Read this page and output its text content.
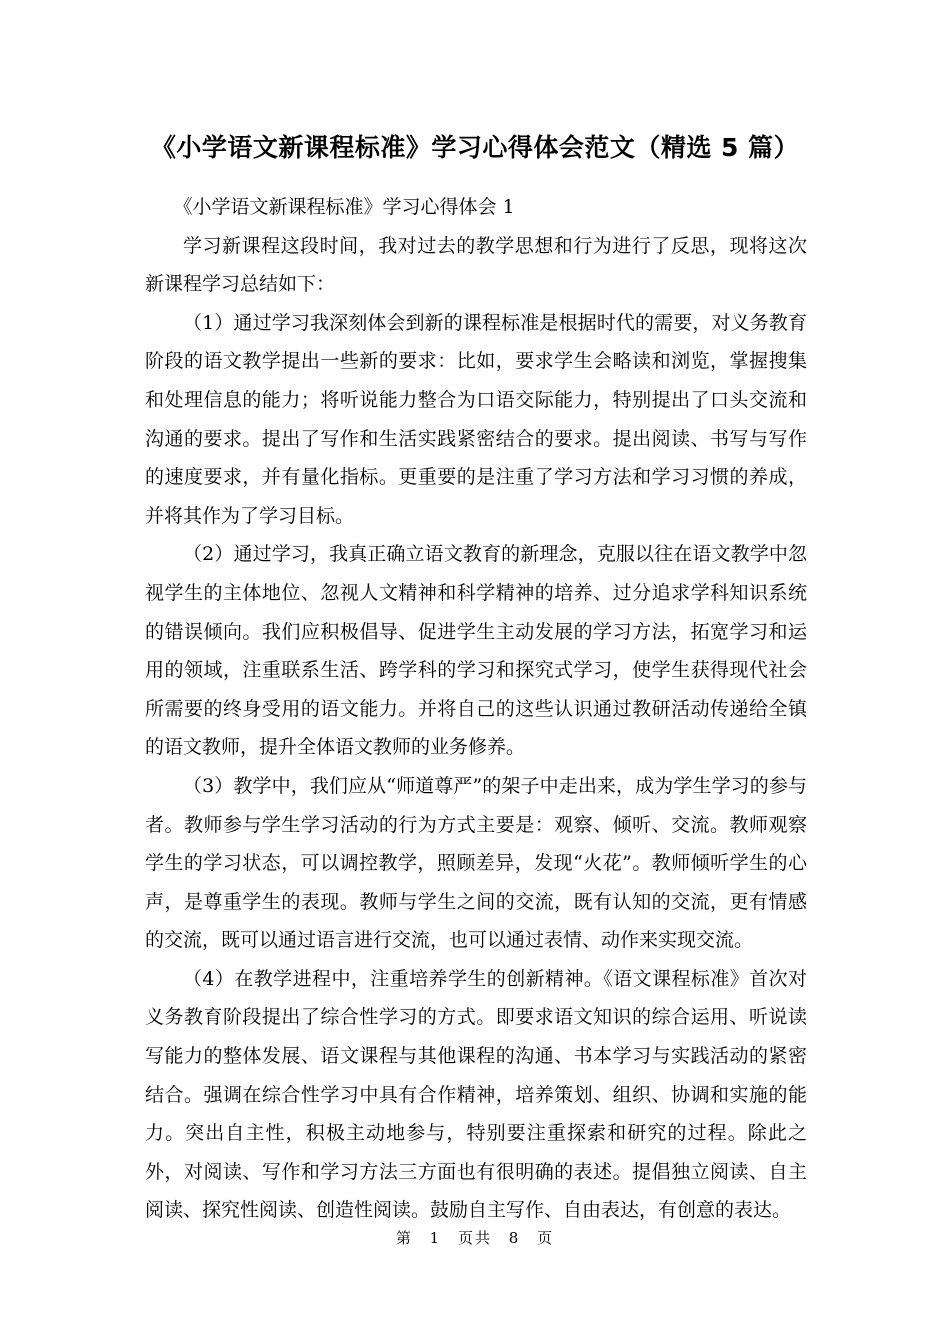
《小学语文新课程标准》学习心得体会范文（精选 5 篇）

《小学语文新课程标准》学习心得体会 1

学习新课程这段时间，我对过去的教学思想和行为进行了反思，现将这次新课程学习总结如下：

（1）通过学习我深刻体会到新的课程标准是根据时代的需要，对义务教育阶段的语文教学提出一些新的要求：比如，要求学生会略读和浏览，掌握搜集和处理信息的能力；将听说能力整合为口语交际能力，特别提出了口头交流和沟通的要求。提出了写作和生活实践紧密结合的要求。提出阅读、书写与写作的速度要求，并有量化指标。更重要的是注重了学习方法和学习习惯的养成，并将其作为了学习目标。

（2）通过学习，我真正确立语文教育的新理念，克服以往在语文教学中忽视学生的主体地位、忽视人文精神和科学精神的培养、过分追求学科知识系统的错误倾向。我们应积极倡导、促进学生主动发展的学习方法，拓宽学习和运用的领域，注重联系生活、跨学科的学习和探究式学习，使学生获得现代社会所需要的终身受用的语文能力。并将自己的这些认识通过教研活动传递给全镇的语文教师，提升全体语文教师的业务修养。

（3）教学中，我们应从“师道尊严”的架子中走出来，成为学生学习的参与者。教师参与学生学习活动的行为方式主要是：观察、倾听、交流。教师观察学生的学习状态，可以调控教学，照顾差异，发现“火花”。教师倾听学生的心声，是尊重学生的表现。教师与学生之间的交流，既有认知的交流，更有情感的交流，既可以通过语言进行交流，也可以通过表情、动作来实现交流。

（4）在教学进程中，注重培养学生的创新精神。《语文课程标准》首次对义务教育阶段提出了综合性学习的方式。即要求语文知识的综合运用、听说读写能力的整体发展、语文课程与其他课程的沟通、书本学习与实践活动的紧密结合。强调在综合性学习中具有合作精神，培养策划、组织、协调和实施的能力。突出自主性，积极主动地参与，特别要注重探索和研究的过程。除此之外，对阅读、写作和学习方法三方面也有很明确的表述。提倡独立阅读、自主阅读、探究性阅读、创造性阅读。鼓励自主写作、自由表达，有创意的表达。

第 1 页共 8 页
